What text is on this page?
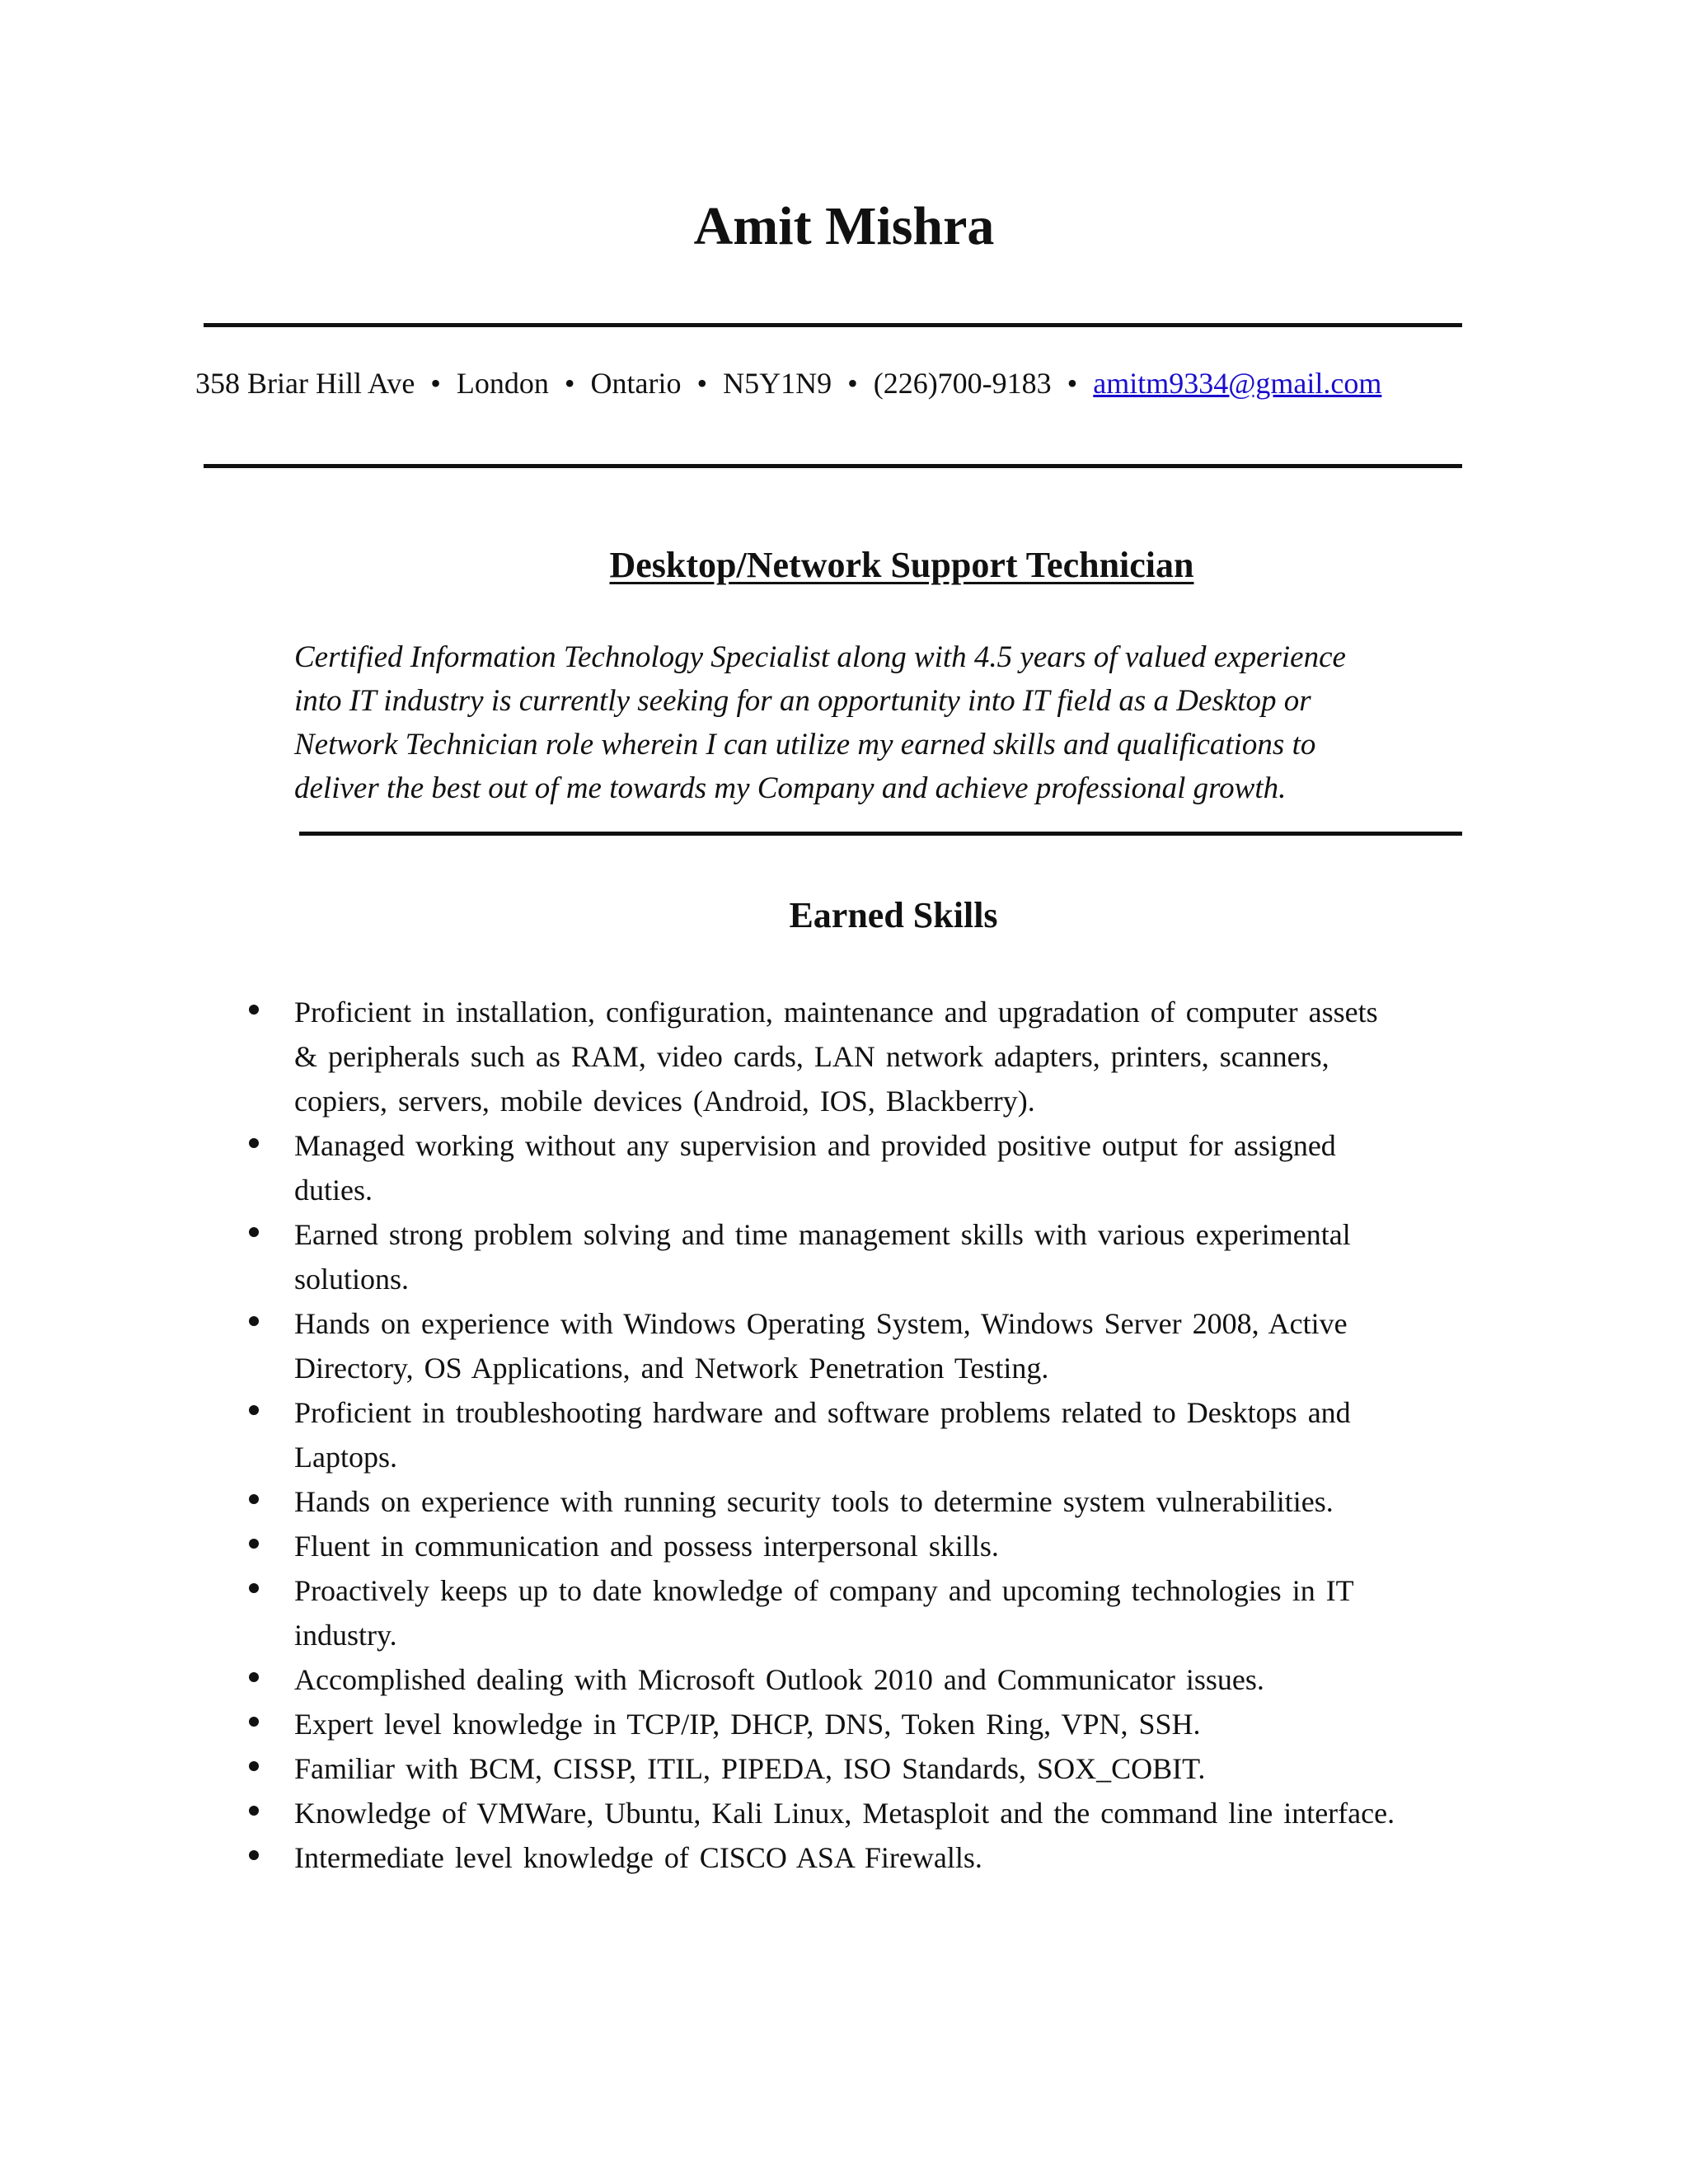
Amit Mishra
358 Briar Hill Ave • London • Ontario • N5Y1N9 • (226)700-9183 • amitm9334@gmail.com
Desktop/Network Support Technician
Certified Information Technology Specialist along with 4.5 years of valued experience
into IT industry is currently seeking for an opportunity into IT field as a Desktop or
Network Technician role wherein I can utilize my earned skills and qualifications to
deliver the best out of me towards my Company and achieve professional growth.
Earned Skills
Proficient in installation, configuration, maintenance and upgradation of computer assets
& peripherals such as RAM, video cards, LAN network adapters, printers, scanners,
copiers, servers, mobile devices (Android, IOS, Blackberry).
Managed working without any supervision and provided positive output for assigned
duties.
Earned strong problem solving and time management skills with various experimental
solutions.
Hands on experience with Windows Operating System, Windows Server 2008, Active
Directory, OS Applications, and Network Penetration Testing.
Proficient in troubleshooting hardware and software problems related to Desktops and
Laptops.
Hands on experience with running security tools to determine system vulnerabilities.
Fluent in communication and possess interpersonal skills.
Proactively keeps up to date knowledge of company and upcoming technologies in IT
industry.
Accomplished dealing with Microsoft Outlook 2010 and Communicator issues.
Expert level knowledge in TCP/IP, DHCP, DNS, Token Ring, VPN, SSH.
Familiar with BCM, CISSP, ITIL, PIPEDA, ISO Standards, SOX_COBIT.
Knowledge of VMWare, Ubuntu, Kali Linux, Metasploit and the command line interface.
Intermediate level knowledge of CISCO ASA Firewalls.
